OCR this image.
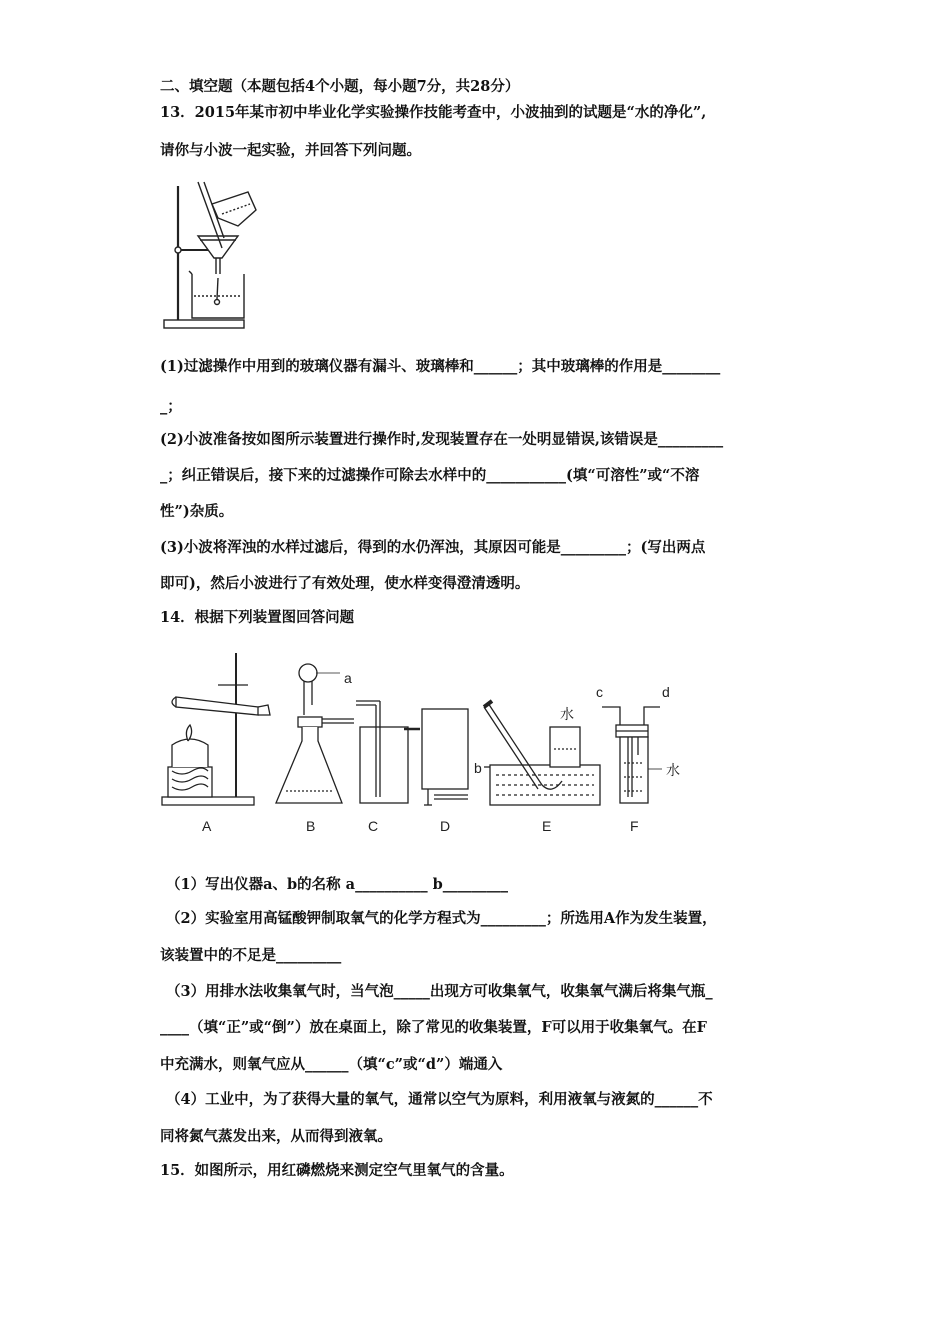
二、填空题（本题包括4个小题，每小题7分，共28分）
13．2015年某市初中毕业化学实验操作技能考查中，小波抽到的试题是“水的净化”,
请你与小波一起实验，并回答下列问题。
(1)过滤操作中用到的玻璃仪器有漏斗、玻璃棒和______；其中玻璃棒的作用是________
_；
(2)小波准备按如图所示装置进行操作时,发现装置存在一处明显错误,该错误是_________
_；纠正错误后，接下来的过滤操作可除去水样中的___________(填“可溶性”或“不溶
性”)杂质。
(3)小波将浑浊的水样过滤后，得到的水仍浑浊，其原因可能是_________；(写出两点
即可)，然后小波进行了有效处理，使水样变得澄清透明。
14．根据下列装置图回答问题
A
a
B	C	D
水
b
E
c	d
水
F
（1）写出仪器a、b的名称 a__________ b_________
（2）实验室用高锰酸钾制取氧气的化学方程式为_________；所选用A作为发生装置，
该装置中的不足是_________
（3）用排水法收集氧气时，当气泡_____出现方可收集氧气，收集氧气满后将集气瓶_
____（填“正”或“倒”）放在桌面上，除了常见的收集装置，F可以用于收集氧气。在F
中充满水，则氧气应从______（填“c”或“d”）端通入
（4）工业中，为了获得大量的氧气，通常以空气为原料，利用液氧与液氮的______不
同将氮气蒸发出来，从而得到液氧。
15．如图所示，用红磷燃烧来测定空气里氧气的含量。
